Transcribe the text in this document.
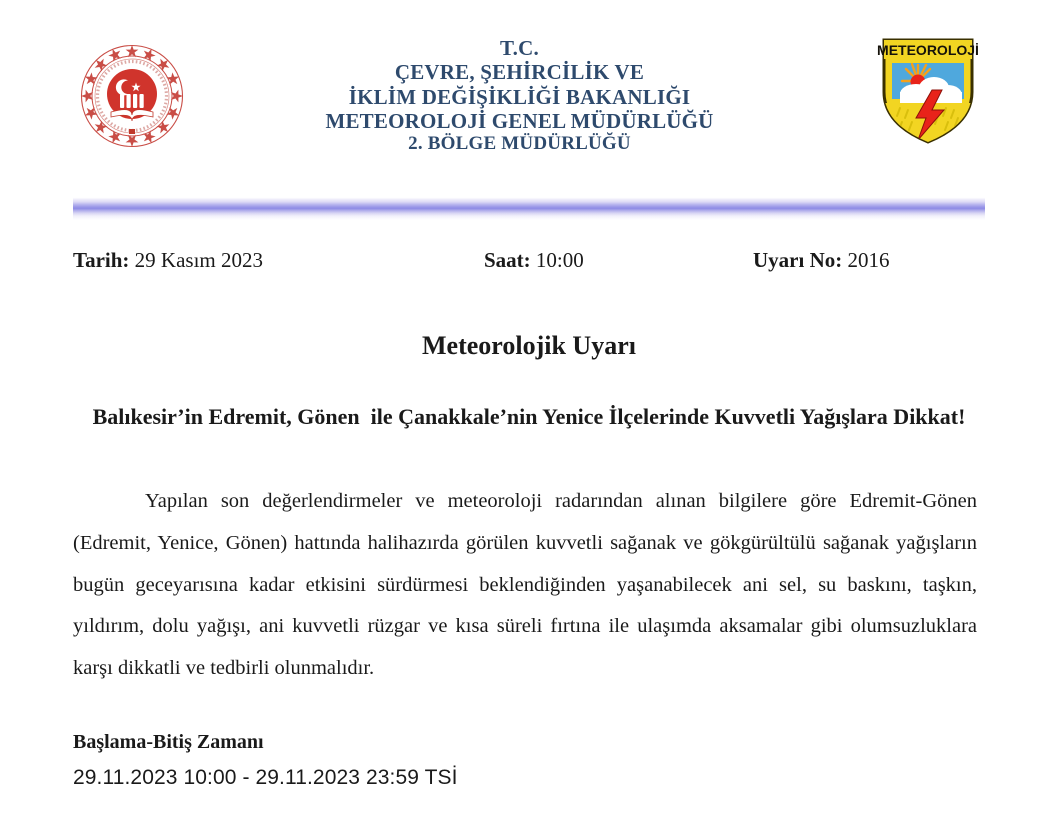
T.C.
ÇEVRE, ŞEHİRCİLİK VE
İKLİM DEĞİŞİKLİĞİ BAKANLIĞI
METEOROLOJİ GENEL MÜDÜRLÜĞÜ
2. BÖLGE MÜDÜRLÜĞÜ
METEOROLOJİ
Tarih: 29 Kasım 2023	Saat: 10:00	Uyarı No: 2016
Meteorolojik Uyarı
Balıkesir’in Edremit, Gönen  ile Çanakkale’nin Yenice İlçelerinde Kuvvetli Yağışlara Dikkat!
Yapılan son değerlendirmeler ve meteoroloji radarından alınan bilgilere göre Edremit-Gönen (Edremit, Yenice, Gönen) hattında halihazırda görülen kuvvetli sağanak ve gökgürültülü sağanak yağışların bugün geceyarısına kadar etkisini sürdürmesi beklendiğinden yaşanabilecek ani sel, su baskını, taşkın, yıldırım, dolu yağışı, ani kuvvetli rüzgar ve kısa süreli fırtına ile ulaşımda aksamalar gibi olumsuzluklara karşı dikkatli ve tedbirli olunmalıdır.
Başlama-Bitiş Zamanı
29.11.2023 10:00 - 29.11.2023 23:59 TSİ
